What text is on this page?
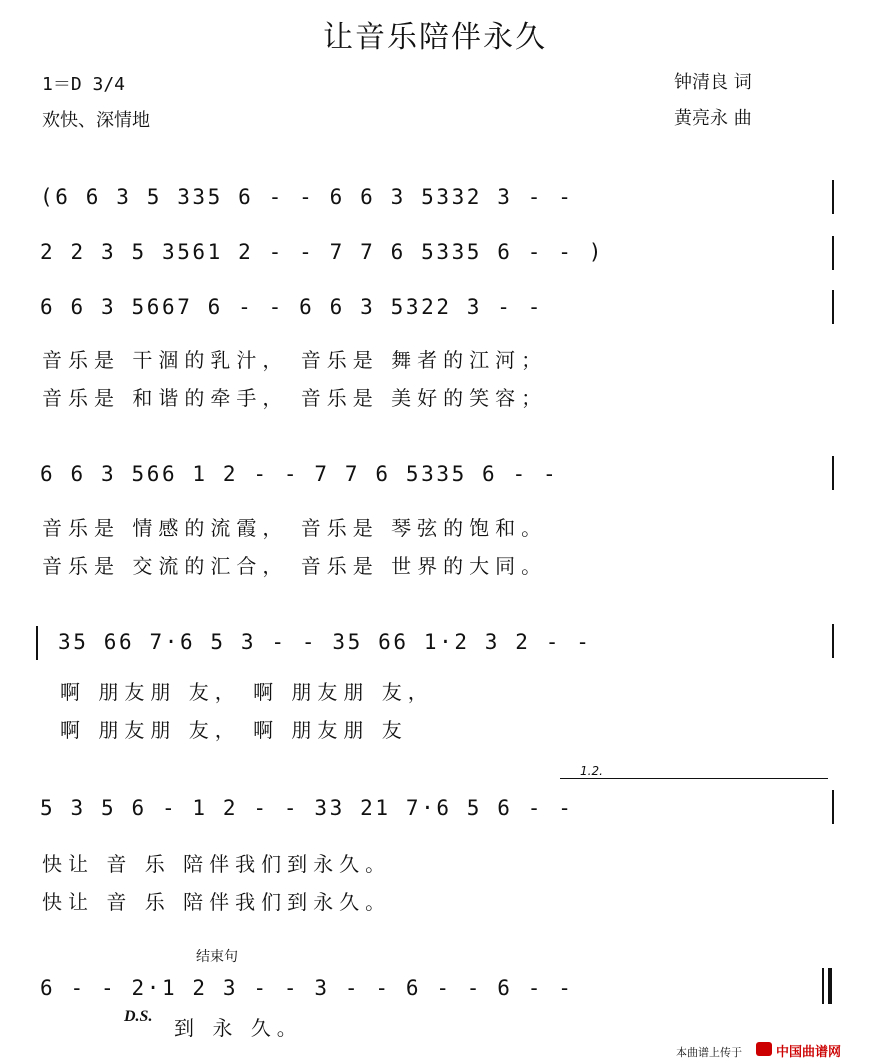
让音乐陪伴永久
1＝D 3/4
欢快、深情地
钟清良 词
黄亮永 曲
(6 6 3 5 335 6 - - 6 6 3 5332 3 - -
2 2 3 5 3561 2 - - 7 7 6 5335 6 - - )
6 6 3 5667 6 - - 6 6 3 5322 3 - -
音乐是 干涸的乳汁， 音乐是 舞者的江河；
音乐是 和谐的牵手， 音乐是 美好的笑容；
6 6 3 566 1 2 - - 7 7 6 5335 6 - -
音乐是 情感的流霞， 音乐是 琴弦的饱和。
音乐是 交流的汇合， 音乐是 世界的大同。
35 66 7·6 5 3 - - 35 66 1·2 3 2 - -
啊 朋友朋 友， 啊 朋友朋 友，
啊 朋友朋 友， 啊 朋友朋 友
1.2.
5 3 5 6 - 1 2 - - 33 21 7·6 5 6 - -
快让 音 乐 陪伴我们到永久。
快让 音 乐 陪伴我们到永久。
结束句
6 - - 2·1 2 3 - - 3 - - 6 - - 6 - -
D.S. 到 永 久。
本曲谱上传于	中国曲谱网
